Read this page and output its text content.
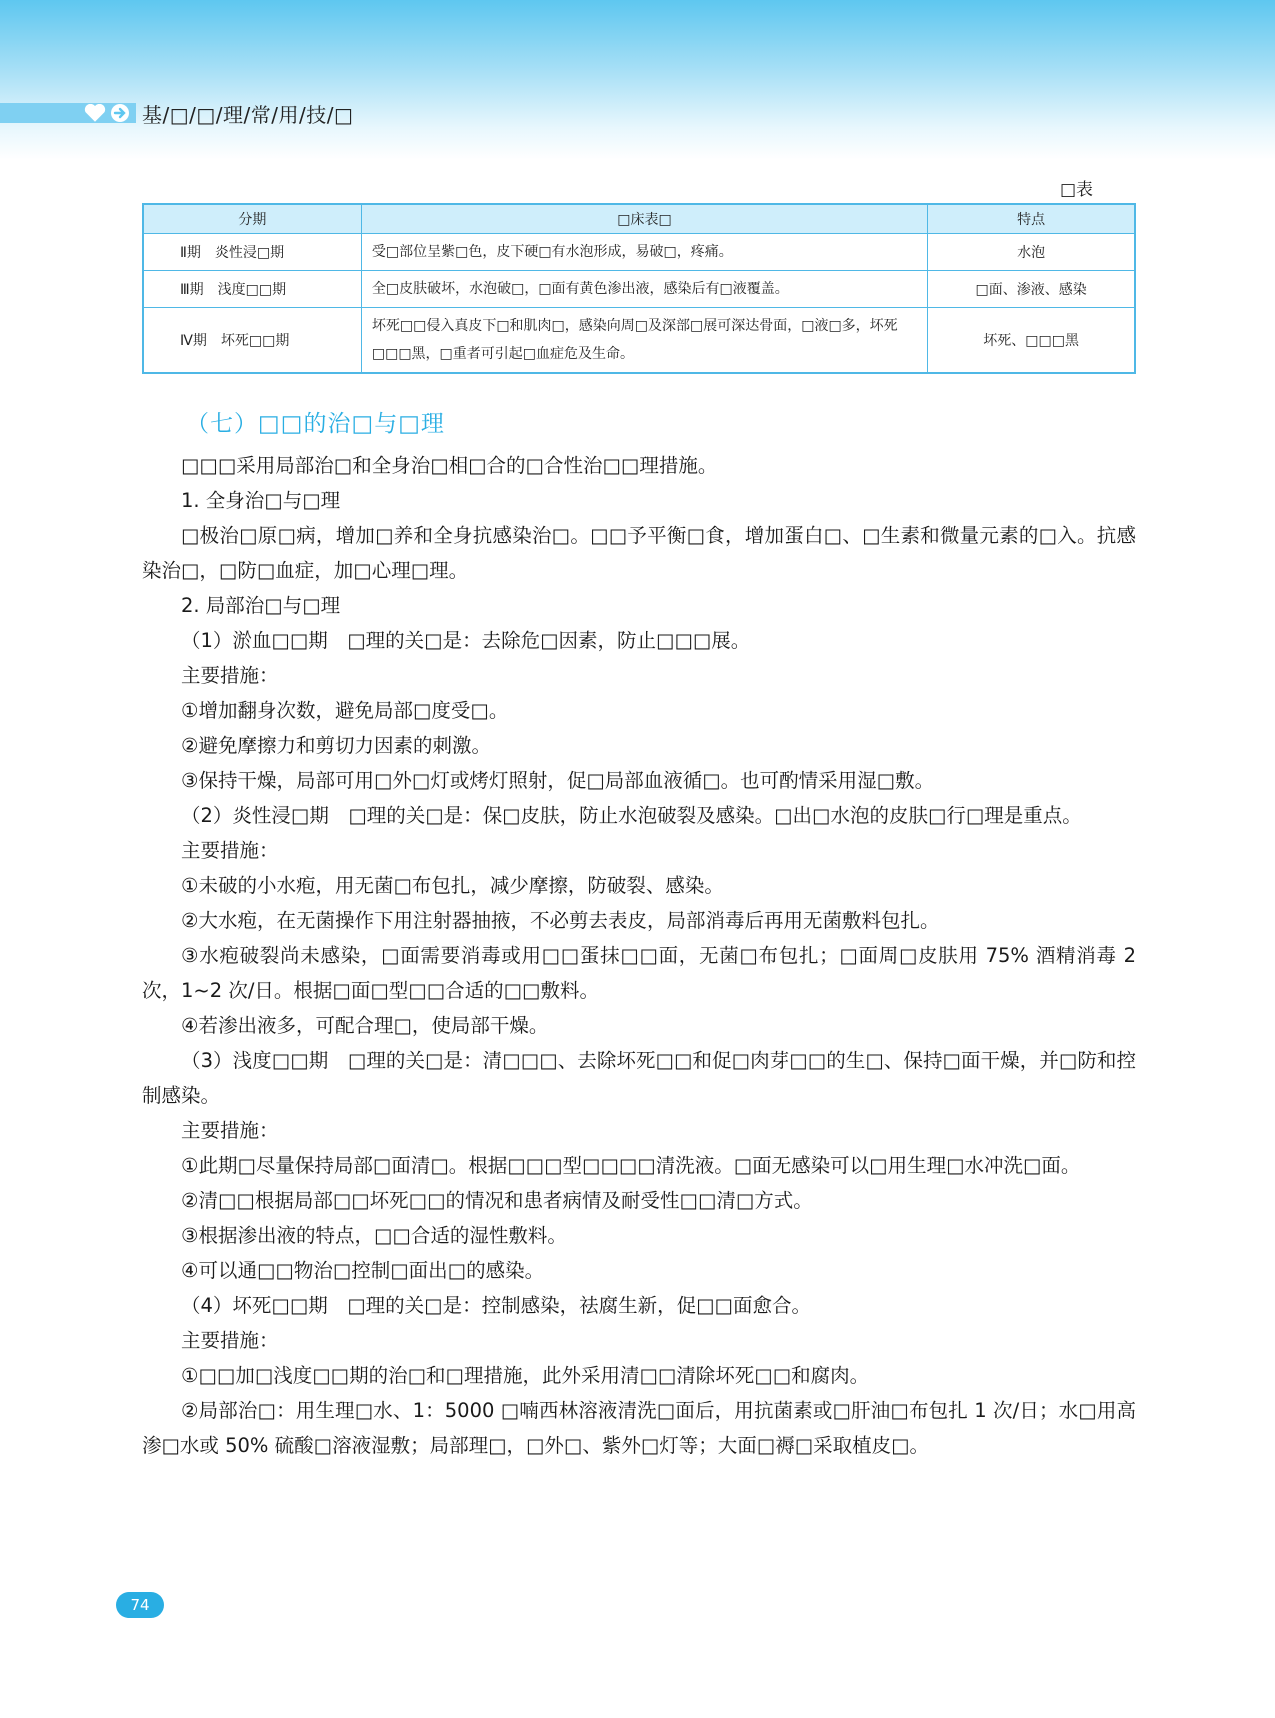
基/□/□/理/常/用/技/□
□表
分期	□床表□	特点
Ⅱ期　炎性浸□期	受□部位呈紫□色，皮下硬□有水泡形成，易破□，疼痛。	水泡
Ⅲ期　浅度□□期	全□皮肤破坏，水泡破□，□面有黄色渗出液，感染后有□液覆盖。	□面、渗液、感染
Ⅳ期　坏死□□期	坏死□□侵入真皮下□和肌肉□，感染向周□及深部□展可深达骨面，□液□多，坏死□□□黑，□重者可引起□血症危及生命。	坏死、□□□黑
（七）□□的治□与□理

□□□采用局部治□和全身治□相□合的□合性治□□理措施。

1. 全身治□与□理

□极治□原□病，增加□养和全身抗感染治□。□□予平衡□食，增加蛋白□、□生素和微量元素的□入。抗感染治□，□防□血症，加□心理□理。

2. 局部治□与□理

（1）淤血□□期　□理的关□是：去除危□因素，防止□□□展。

主要措施：

①增加翻身次数，避免局部□度受□。

②避免摩擦力和剪切力因素的刺激。

③保持干燥，局部可用□外□灯或烤灯照射，促□局部血液循□。也可酌情采用湿□敷。

（2）炎性浸□期　□理的关□是：保□皮肤，防止水泡破裂及感染。□出□水泡的皮肤□行□理是重点。

主要措施：

①未破的小水疱，用无菌□布包扎，减少摩擦，防破裂、感染。

②大水疱，在无菌操作下用注射器抽掖，不必剪去表皮，局部消毒后再用无菌敷料包扎。

③水疱破裂尚未感染，□面需要消毒或用□□蛋抹□□面，无菌□布包扎；□面周□皮肤用 75% 酒精消毒 2 次，1~2 次/日。根据□面□型□□合适的□□敷料。

④若渗出液多，可配合理□，使局部干燥。

（3）浅度□□期　□理的关□是：清□□□、去除坏死□□和促□肉芽□□的生□、保持□面干燥，并□防和控制感染。

主要措施：

①此期□尽量保持局部□面清□。根据□□□型□□□□清洗液。□面无感染可以□用生理□水冲洗□面。

②清□□根据局部□□坏死□□的情况和患者病情及耐受性□□清□方式。

③根据渗出液的特点，□□合适的湿性敷料。

④可以通□□物治□控制□面出□的感染。

（4）坏死□□期　□理的关□是：控制感染，祛腐生新，促□□面愈合。

主要措施：

①□□加□浅度□□期的治□和□理措施，此外采用清□□清除坏死□□和腐肉。

②局部治□：用生理□水、1：5000 □喃西林溶液清洗□面后，用抗菌素或□肝油□布包扎 1 次/日；水□用高渗□水或 50% 硫酸□溶液湿敷；局部理□，□外□、紫外□灯等；大面□褥□采取植皮□。

74
